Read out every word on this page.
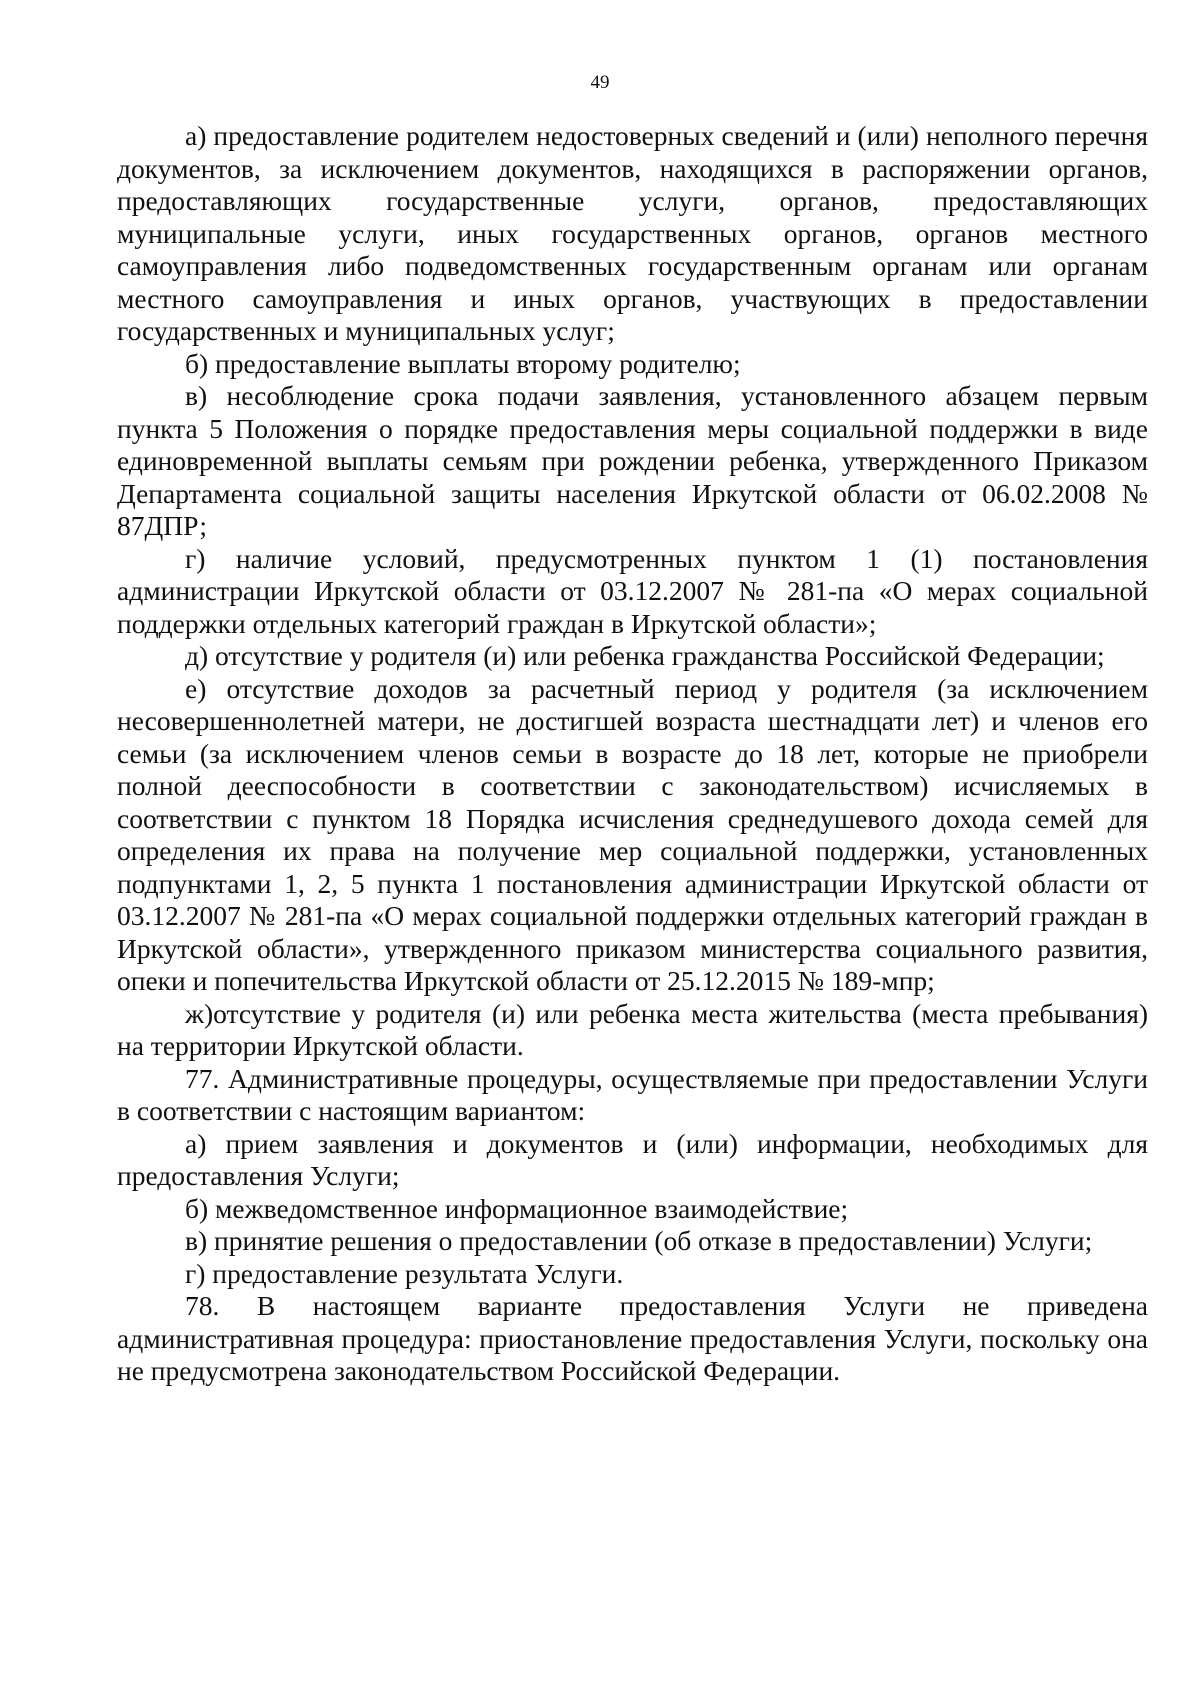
49

а) предоставление родителем недостоверных сведений и (или) неполного перечня документов, за исключением документов, находящихся в распоряжении органов, предоставляющих государственные услуги, органов, предоставляющих муниципальные услуги, иных государственных органов, органов местного самоуправления либо подведомственных государственным органам или органам местного самоуправления и иных органов, участвующих в предоставлении государственных и муниципальных услуг;

б) предоставление выплаты второму родителю;

в) несоблюдение срока подачи заявления, установленного абзацем первым пункта 5 Положения о порядке предоставления меры социальной поддержки в виде единовременной выплаты семьям при рождении ребенка, утвержденного Приказом Департамента социальной защиты населения Иркутской области от 06.02.2008 № 87ДПР;

г) наличие условий, предусмотренных пунктом 1 (1) постановления администрации Иркутской области от 03.12.2007 № 281-па «О мерах социальной поддержки отдельных категорий граждан в Иркутской области»;

д) отсутствие у родителя (и) или ребенка гражданства Российской Федерации;

е) отсутствие доходов за расчетный период у родителя (за исключением несовершеннолетней матери, не достигшей возраста шестнадцати лет) и членов его семьи (за исключением членов семьи в возрасте до 18 лет, которые не приобрели полной дееспособности в соответствии с законодательством) исчисляемых в соответствии с пунктом 18 Порядка исчисления среднедушевого дохода семей для определения их права на получение мер социальной поддержки, установленных подпунктами 1, 2, 5 пункта 1 постановления администрации Иркутской области от 03.12.2007 № 281-па «О мерах социальной поддержки отдельных категорий граждан в Иркутской области», утвержденного приказом министерства социального развития, опеки и попечительства Иркутской области от 25.12.2015 № 189-мпр;

ж)отсутствие у родителя (и) или ребенка места жительства (места пребывания) на территории Иркутской области.

77. Административные процедуры, осуществляемые при предоставлении Услуги в соответствии с настоящим вариантом:

а) прием заявления и документов и (или) информации, необходимых для предоставления Услуги;

б) межведомственное информационное взаимодействие;

в) принятие решения о предоставлении (об отказе в предоставлении) Услуги;

г) предоставление результата Услуги.

78. В настоящем варианте предоставления Услуги не приведена административная процедура: приостановление предоставления Услуги, поскольку она не предусмотрена законодательством Российской Федерации.
